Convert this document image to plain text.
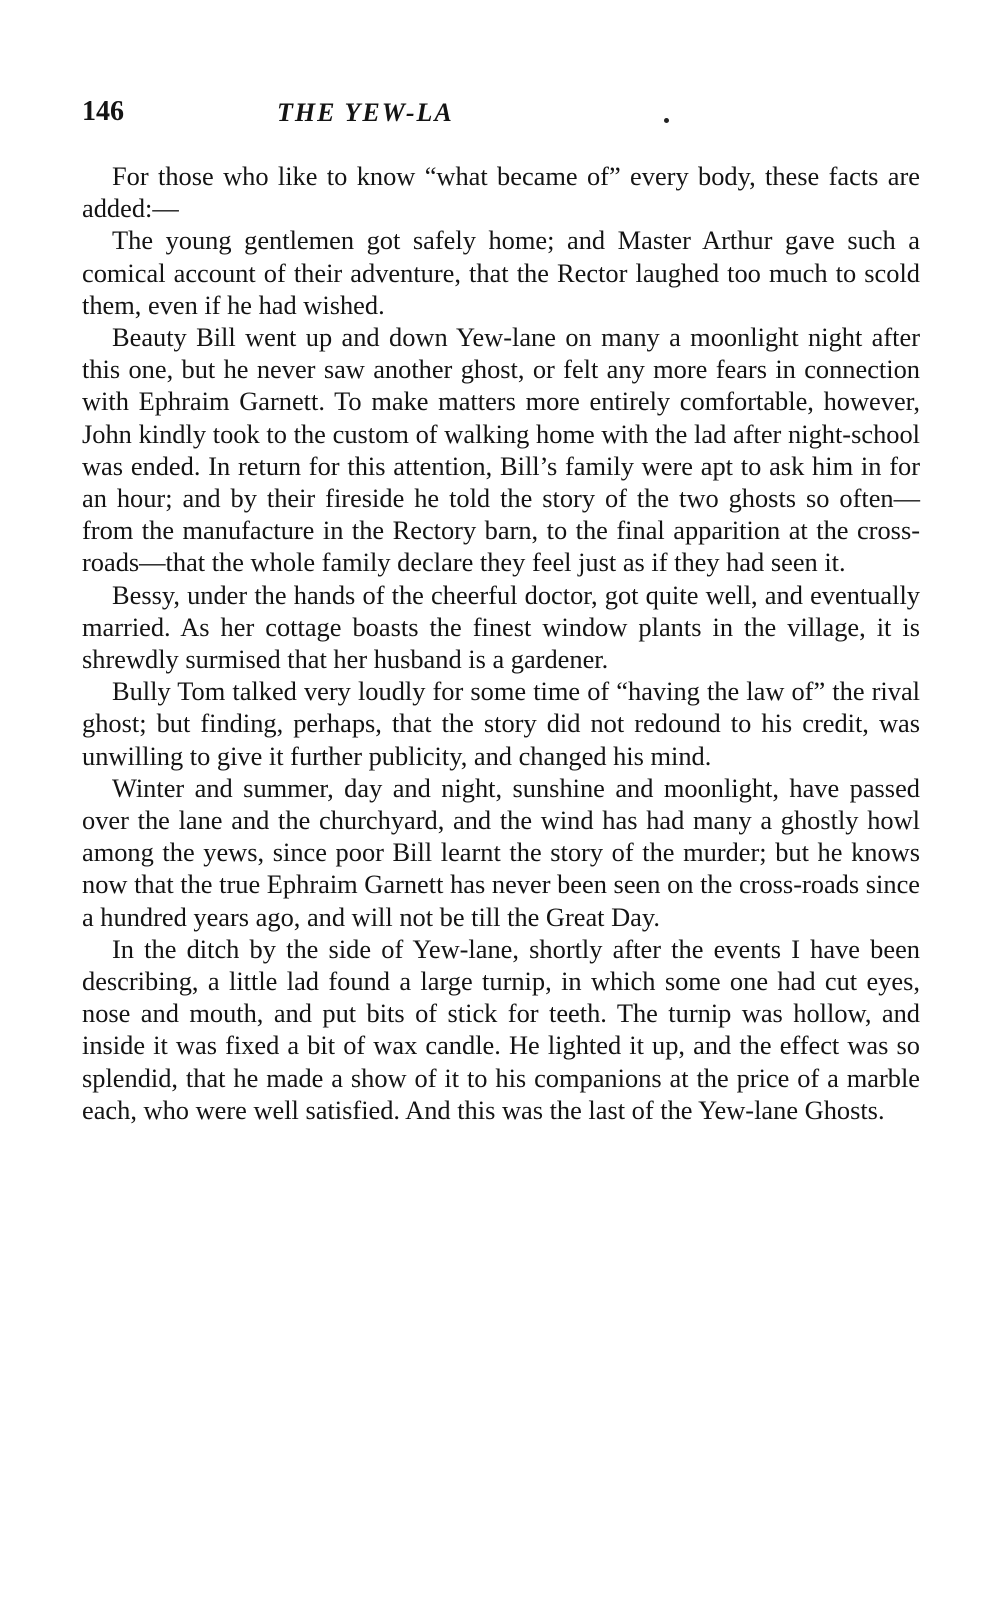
146	THE YEW-LA

For those who like to know “what became of” every body, these facts are added:—

The young gentlemen got safely home; and Master Arthur gave such a comical account of their adventure, that the Rector laughed too much to scold them, even if he had wished.

Beauty Bill went up and down Yew-lane on many a moonlight night after this one, but he never saw another ghost, or felt any more fears in connection with Ephraim Garnett. To make matters more entirely comfortable, however, John kindly took to the custom of walking home with the lad after night-school was ended. In return for this attention, Bill’s family were apt to ask him in for an hour; and by their fireside he told the story of the two ghosts so often—from the manufacture in the Rectory barn, to the final apparition at the cross-roads—that the whole family declare they feel just as if they had seen it.

Bessy, under the hands of the cheerful doctor, got quite well, and eventually married. As her cottage boasts the finest window plants in the village, it is shrewdly surmised that her husband is a gardener.

Bully Tom talked very loudly for some time of “having the law of” the rival ghost; but finding, perhaps, that the story did not redound to his credit, was unwilling to give it further publicity, and changed his mind.

Winter and summer, day and night, sunshine and moonlight, have passed over the lane and the churchyard, and the wind has had many a ghostly howl among the yews, since poor Bill learnt the story of the murder; but he knows now that the true Ephraim Garnett has never been seen on the cross-roads since a hundred years ago, and will not be till the Great Day.

In the ditch by the side of Yew-lane, shortly after the events I have been describing, a little lad found a large turnip, in which some one had cut eyes, nose and mouth, and put bits of stick for teeth. The turnip was hollow, and inside it was fixed a bit of wax candle. He lighted it up, and the effect was so splendid, that he made a show of it to his companions at the price of a marble each, who were well satisfied. And this was the last of the Yew-lane Ghosts.
